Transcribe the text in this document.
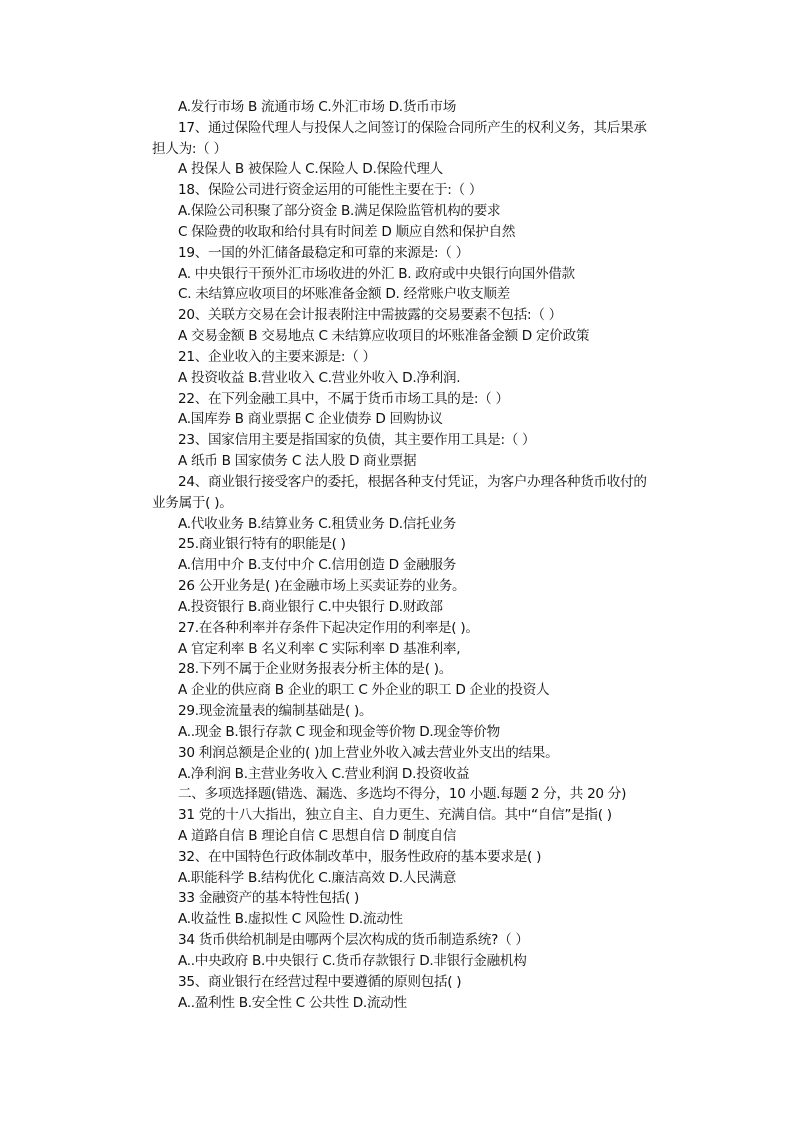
A.发行市场 B 流通市场 C.外汇市场 D.货币市场
17、通过保险代理人与投保人之间签订的保险合同所产生的权利义务，其后果承
担人为:（ ）
A 投保人 B 被保险人 C.保险人 D.保险代理人
18、保险公司进行资金运用的可能性主要在于:（ ）
A.保险公司积聚了部分资金 B.满足保险监管机构的要求
C 保险费的收取和给付具有时间差 D 顺应自然和保护自然
19、一国的外汇储备最稳定和可靠的来源是:（ ）
A. 中央银行干预外汇市场收进的外汇 B. 政府或中央银行向国外借款
C. 未结算应收项目的坏账准备金额 D. 经常账户收支顺差
20、关联方交易在会计报表附注中需披露的交易要素不包括:（ ）
A 交易金额 B 交易地点 C 未结算应收项目的坏账准备金额 D 定价政策
21、企业收入的主要来源是:（ ）
A 投资收益 B.营业收入 C.营业外收入 D.净利润.
22、在下列金融工具中，不属于货币市场工具的是:（ ）
A.国库券 B 商业票据 C 企业债券 D 回购协议
23、国家信用主要是指国家的负债，其主要作用工具是:（ ）
A 纸币 B 国家债务 C 法人股 D 商业票据
24、商业银行接受客户的委托，根据各种支付凭证，为客户办理各种货币收付的
业务属于( )。
A.代收业务 B.结算业务 C.租赁业务 D.信托业务
25.商业银行特有的职能是( )
A.信用中介 B.支付中介 C.信用创造 D 金融服务
26 公开业务是( )在金融市场上买卖证券的业务。
A.投资银行 B.商业银行 C.中央银行 D.财政部
27.在各种利率并存条件下起决定作用的利率是( )。
A 官定利率 B 名义利率 C 实际利率 D 基准利率,
28.下列不属于企业财务报表分析主体的是( )。
A 企业的供应商 B 企业的职工 C 外企业的职工 D 企业的投资人
29.现金流量表的编制基础是( )。
A..现金 B.银行存款 C 现金和现金等价物 D.现金等价物
30 利润总额是企业的( )加上营业外收入减去营业外支出的结果。
A.净利润 B.主营业务收入 C.营业利润 D.投资收益
二、多项选择题(错选、漏选、多选均不得分，10 小题.每题 2 分，共 20 分)
31 党的十八大指出，独立自主、自力更生、充满自信。其中“自信”是指( )
A 道路自信 B 理论自信 C 思想自信 D 制度自信
32、在中国特色行政体制改革中，服务性政府的基本要求是( )
A.职能科学 B.结构优化 C.廉洁高效 D.人民满意
33 金融资产的基本特性包括( )
A.收益性 B.虚拟性 C 风险性 D.流动性
34 货币供给机制是由哪两个层次构成的货币制造系统?（ ）
A..中央政府 B.中央银行 C.货币存款银行 D.非银行金融机构
35、商业银行在经营过程中要遵循的原则包括( )
A..盈利性 B.安全性 C 公共性 D.流动性
